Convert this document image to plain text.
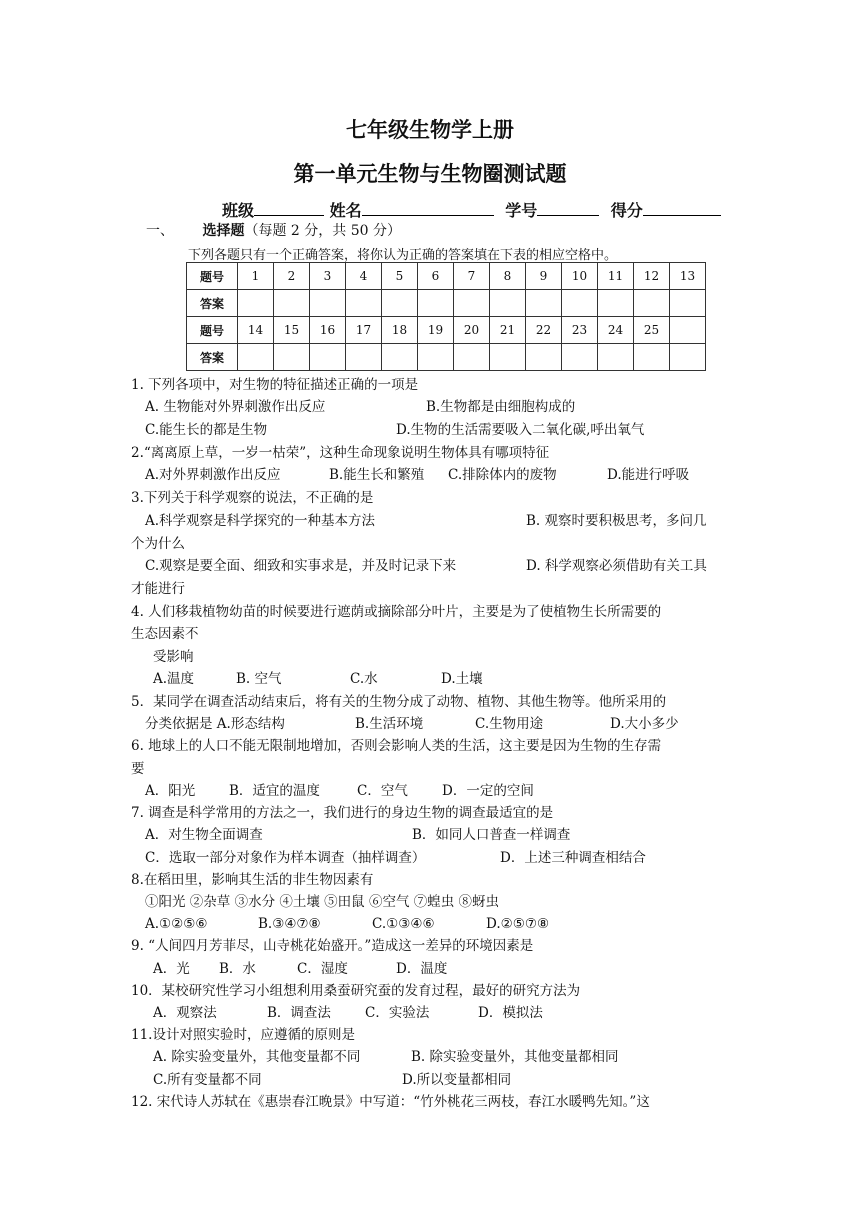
七年级生物学上册
第一单元生物与生物圈测试题
班级	姓名	学号	得分
一、 选择题（每题 2 分，共 50 分）
下列各题只有一个正确答案，将你认为正确的答案填在下表的相应空格中。
题号	1	2	3	4	5	6	7	8	9	10	11	12	13
答案													
题号	14	15	16	17	18	19	20	21	22	23	24	25	
答案													
1. 下列各项中，对生物的特征描述正确的一项是
A. 生物能对外界刺激作出反应	B.生物都是由细胞构成的
C.能生长的都是生物	D.生物的生活需要吸入二氧化碳,呼出氧气
2.“离离原上草，一岁一枯荣”，这种生命现象说明生物体具有哪项特征
A.对外界刺激作出反应	B.能生长和繁殖 C.排除体内的废物	D.能进行呼吸
3.下列关于科学观察的说法，不正确的是
A.科学观察是科学探究的一种基本方法	B. 观察时要积极思考，多问几
个为什么
C.观察是要全面、细致和实事求是，并及时记录下来	D. 科学观察必须借助有关工具
才能进行
4. 人们移栽植物幼苗的时候要进行遮荫或摘除部分叶片，主要是为了使植物生长所需要的
生态因素不
受影响
A.温度	B. 空气	C.水	D.土壤
5．某同学在调查活动结束后，将有关的生物分成了动物、植物、其他生物等。他所采用的
分类依据是 A.形态结构	B.生活环境	C.生物用途	D.大小多少
6. 地球上的人口不能无限制地增加，否则会影响人类的生活，这主要是因为生物的生存需
要
A．阳光	B．适宜的温度	C．空气	D．一定的空间
7. 调查是科学常用的方法之一，我们进行的身边生物的调查最适宜的是
A．对生物全面调查	B．如同人口普查一样调查
C．选取一部分对象作为样本调查（抽样调查）	D．上述三种调查相结合
8.在稻田里，影响其生活的非生物因素有
①阳光 ②杂草 ③水分 ④土壤 ⑤田鼠 ⑥空气 ⑦蝗虫 ⑧蚜虫
A.①②⑤⑥	B.③④⑦⑧	C.①③④⑥	D.②⑤⑦⑧
9. “人间四月芳菲尽，山寺桃花始盛开。”造成这一差异的环境因素是
A．光 B．水	C．湿度	D．温度
10．某校研究性学习小组想利用桑蚕研究蚕的发育过程，最好的研究方法为
A．观察法	B．调查法	C．实验法	D．模拟法
11.设计对照实验时，应遵循的原则是
A. 除实验变量外，其他变量都不同	B. 除实验变量外，其他变量都相同
C.所有变量都不同	D.所以变量都相同
12. 宋代诗人苏轼在《惠崇春江晚景》中写道：“竹外桃花三两枝，春江水暖鸭先知。”这
